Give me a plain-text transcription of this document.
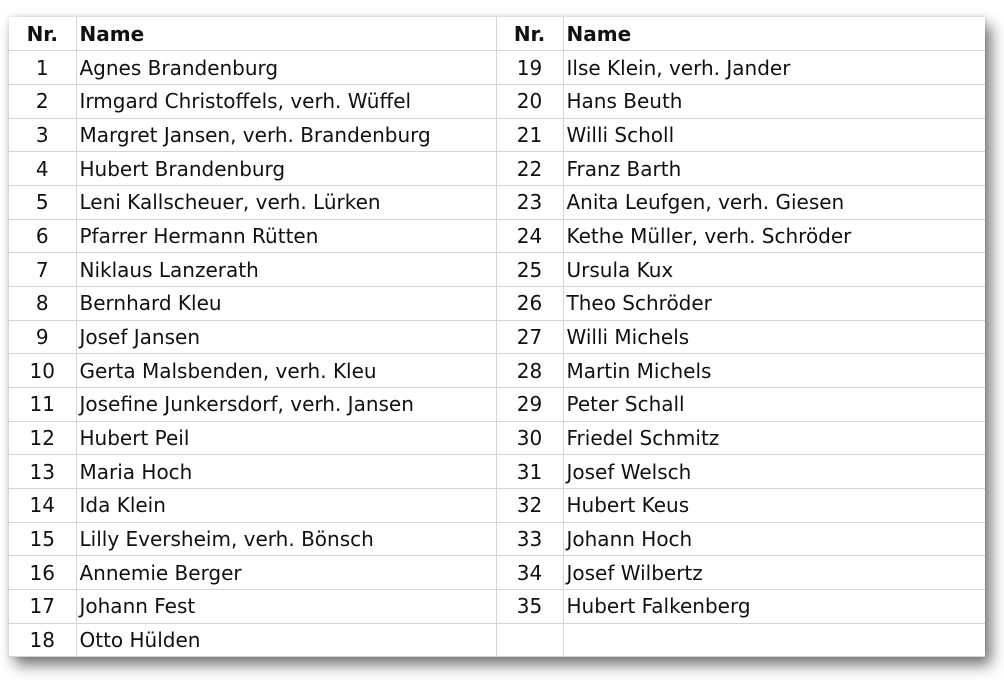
Nr.	Name	Nr.	Name
1	Agnes Brandenburg	19	Ilse Klein, verh. Jander
2	Irmgard Christoffels, verh. Wüffel	20	Hans Beuth
3	Margret Jansen, verh. Brandenburg	21	Willi Scholl
4	Hubert Brandenburg	22	Franz Barth
5	Leni Kallscheuer, verh. Lürken	23	Anita Leufgen, verh. Giesen
6	Pfarrer Hermann Rütten	24	Kethe Müller, verh. Schröder
7	Niklaus Lanzerath	25	Ursula Kux
8	Bernhard Kleu	26	Theo Schröder
9	Josef Jansen	27	Willi Michels
10	Gerta Malsbenden, verh. Kleu	28	Martin Michels
11	Josefine Junkersdorf, verh. Jansen	29	Peter Schall
12	Hubert Peil	30	Friedel Schmitz
13	Maria Hoch	31	Josef Welsch
14	Ida Klein	32	Hubert Keus
15	Lilly Eversheim, verh. Bönsch	33	Johann Hoch
16	Annemie Berger	34	Josef Wilbertz
17	Johann Fest	35	Hubert Falkenberg
18	Otto Hülden		
